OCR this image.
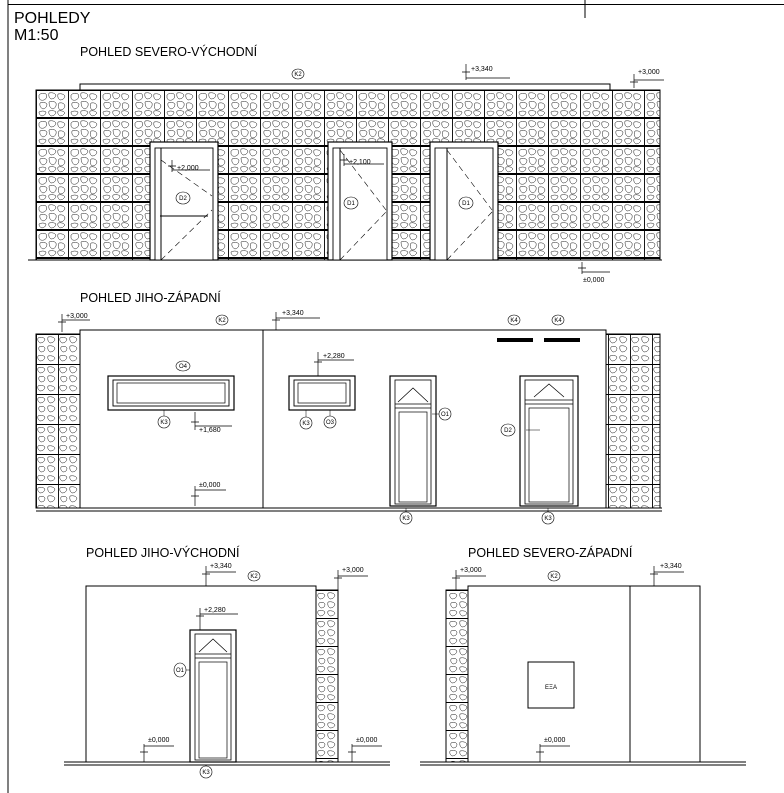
POHLEDY
M1:50
POHLED SEVERO-VÝCHODNÍ
+3,340	+3,000
+2,100
+2,000
±0,000
K2
D2
D1	D1
POHLED JIHO-ZÁPADNÍ
+3,000	+3,340
+2,280
+1,680
±0,000
K2	K4	K4
O4
K3	O3
K3
O1
D2
K3	K3
POHLED JIHO-VÝCHODNÍ
+3,340
+3,000
+2,280
±0,000	±0,000
K2
O1
K3
POHLED SEVERO-ZÁPADNÍ
ΕΞΑ
+3,000
+3,340
±0,000
K2
